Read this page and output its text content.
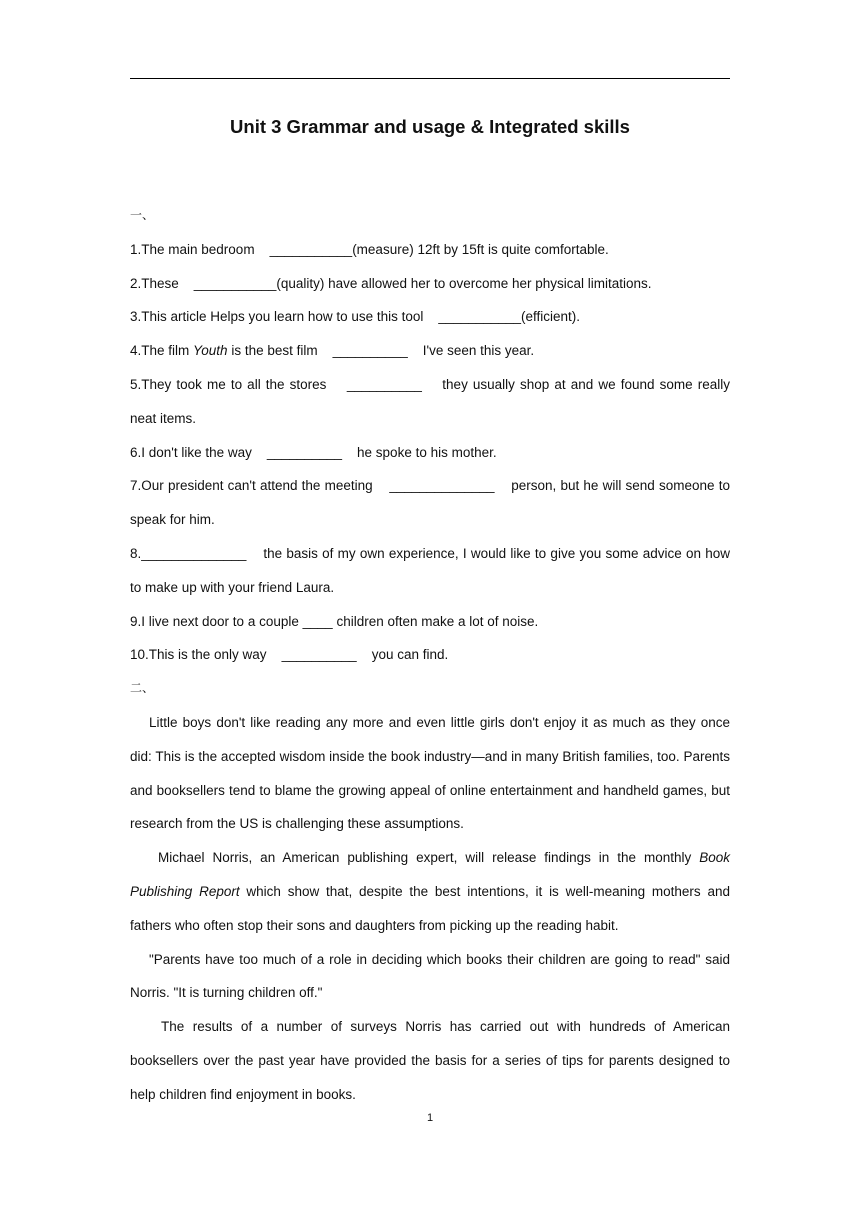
Unit 3 Grammar and usage & Integrated skills

一、

1.The main bedroom ___________(measure) 12ft by 15ft is quite comfortable.

2.These ___________(quality) have allowed her to overcome her physical limitations.

3.This article Helps you learn how to use this tool ___________(efficient).

4.The film Youth is the best film __________ I've seen this year.

5.They took me to all the stores __________ they usually shop at and we found some really neat items.

6.I don't like the way __________ he spoke to his mother.

7.Our president can't attend the meeting ______________ person, but he will send someone to speak for him.

8.______________ the basis of my own experience, I would like to give you some advice on how to make up with your friend Laura.

9.I live next door to a couple ____ children often make a lot of noise.

10.This is the only way __________ you can find.

二、

Little boys don't like reading any more and even little girls don't enjoy it as much as they once did: This is the accepted wisdom inside the book industry—and in many British families, too. Parents and booksellers tend to blame the growing appeal of online entertainment and handheld games, but research from the US is challenging these assumptions.

Michael Norris, an American publishing expert, will release findings in the monthly Book Publishing Report which show that, despite the best intentions, it is well-meaning mothers and fathers who often stop their sons and daughters from picking up the reading habit.

"Parents have too much of a role in deciding which books their children are going to read" said Norris. "It is turning children off."

The results of a number of surveys Norris has carried out with hundreds of American booksellers over the past year have provided the basis for a series of tips for parents designed to help children find enjoyment in books.

1
